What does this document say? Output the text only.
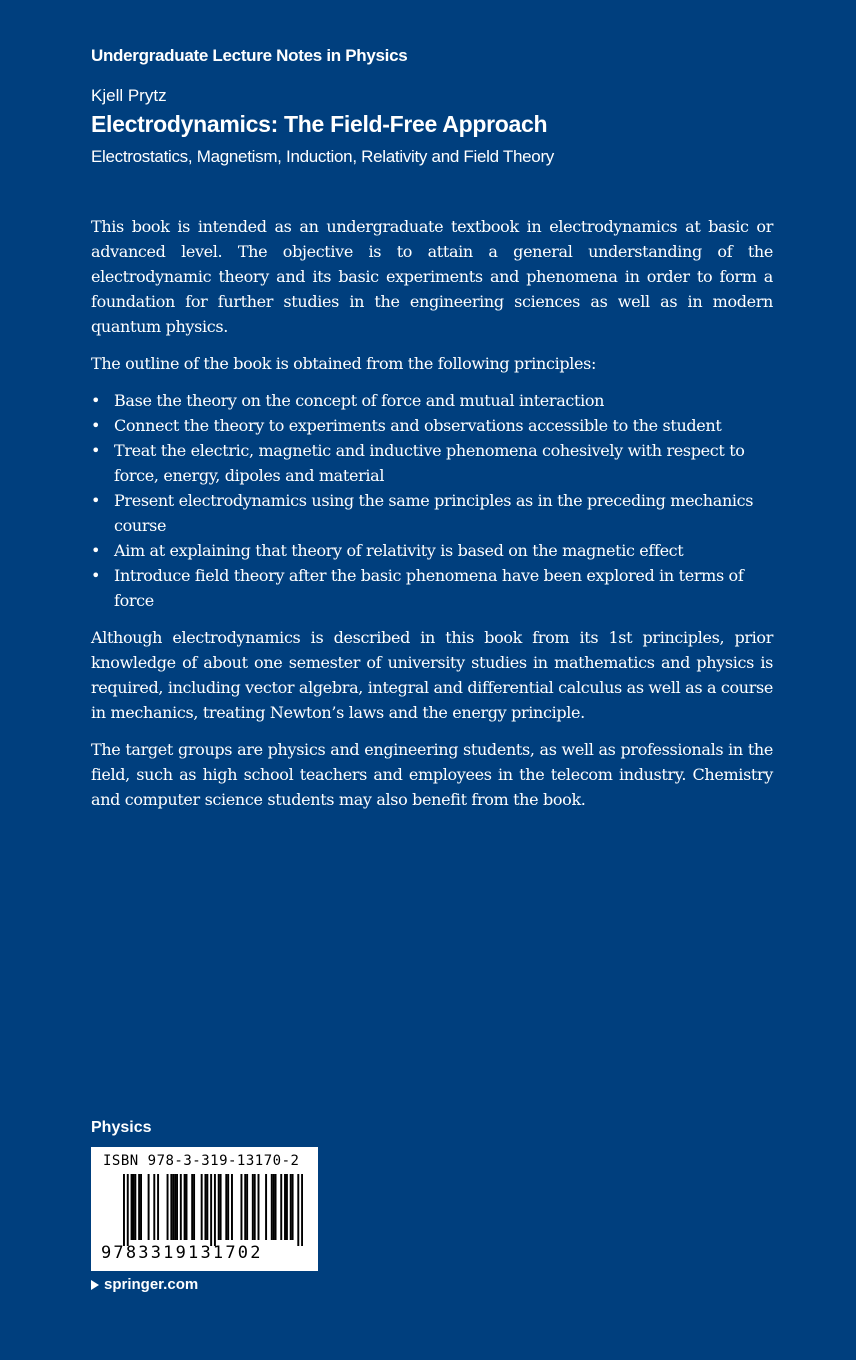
Undergraduate Lecture Notes in Physics
Kjell Prytz
Electrodynamics: The Field-Free Approach
Electrostatics, Magnetism, Induction, Relativity and Field Theory

This book is intended as an undergraduate textbook in electrodynamics at basic or advanced level. The objective is to attain a general understanding of the electrodynamic theory and its basic experiments and phenomena in order to form a foundation for further studies in the engineering sciences as well as in modern quantum physics.

The outline of the book is obtained from the following principles:

• Base the theory on the concept of force and mutual interaction
• Connect the theory to experiments and observations accessible to the student
• Treat the electric, magnetic and inductive phenomena cohesively with respect to force, energy, dipoles and material
• Present electrodynamics using the same principles as in the preceding mechanics course
• Aim at explaining that theory of relativity is based on the magnetic effect
• Introduce field theory after the basic phenomena have been explored in terms of force

Although electrodynamics is described in this book from its 1st principles, prior knowledge of about one semester of university studies in mathematics and physics is required, including vector algebra, integral and differential calculus as well as a course in mechanics, treating Newton’s laws and the energy principle.

The target groups are physics and engineering students, as well as professionals in the field, such as high school teachers and employees in the telecom industry. Chemistry and computer science students may also benefit from the book.

Physics
ISBN 978-3-319-13170-2
9783319131702
springer.com
